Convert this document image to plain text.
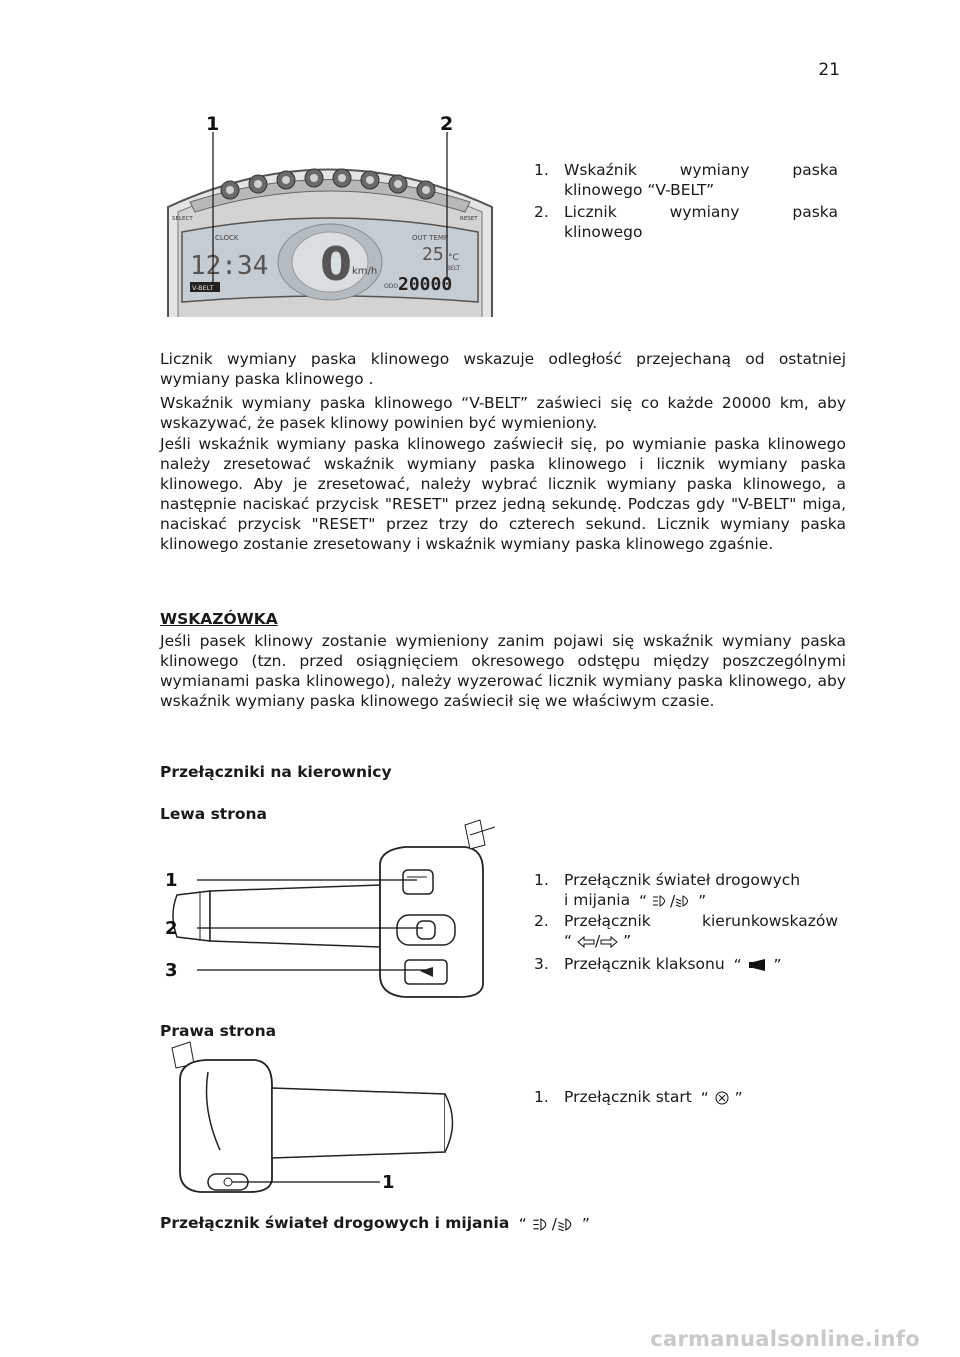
21
0 km/h
CLOCK
12:34
V-BELT
OUT TEMP
25 °C
BELT
ODO 20000
SELECT	RESET
1	2
1. Wskaźnik wymiany paska
klinowego “V-BELT”
2. Licznik wymiany paska
klinowego

Licznik wymiany paska klinowego wskazuje odległość przejechaną od ostatniej wymiany paska klinowego .

Wskaźnik wymiany paska klinowego “V-BELT” zaświeci się co każde 20000 km, aby wskazywać, że pasek klinowy powinien być wymieniony.

Jeśli wskaźnik wymiany paska klinowego zaświecił się, po wymianie paska klinowego należy zresetować wskaźnik wymiany paska klinowego i licznik wymiany paska klinowego. Aby je zresetować, należy wybrać licznik wymiany paska klinowego, a następnie naciskać przycisk "RESET" przez jedną sekundę. Podczas gdy "V-BELT" miga, naciskać przycisk "RESET" przez trzy do czterech sekund. Licznik wymiany paska klinowego zostanie zresetowany i wskaźnik wymiany paska klinowego zgaśnie.

WSKAZÓWKA

Jeśli pasek klinowy zostanie wymieniony zanim pojawi się wskaźnik wymiany paska klinowego (tzn. przed osiągnięciem okresowego odstępu między poszczególnymi wymianami paska klinowego), należy wyzerować licznik wymiany paska klinowego, aby wskaźnik wymiany paska klinowego zaświecił się we właściwym czasie.

Przełączniki na kierownicy
Lewa strona
1
2
3
1. Przełącznik świateł drogowych
i mijania “ / ”
2. Przełącznik kierunkowskazów
“ / ”
3. Przełącznik klaksonu “ ”
Prawa strona
1
1. Przełącznik start “ ”
Przełącznik świateł drogowych i mijania “ / ”
carmanualsonline.info
